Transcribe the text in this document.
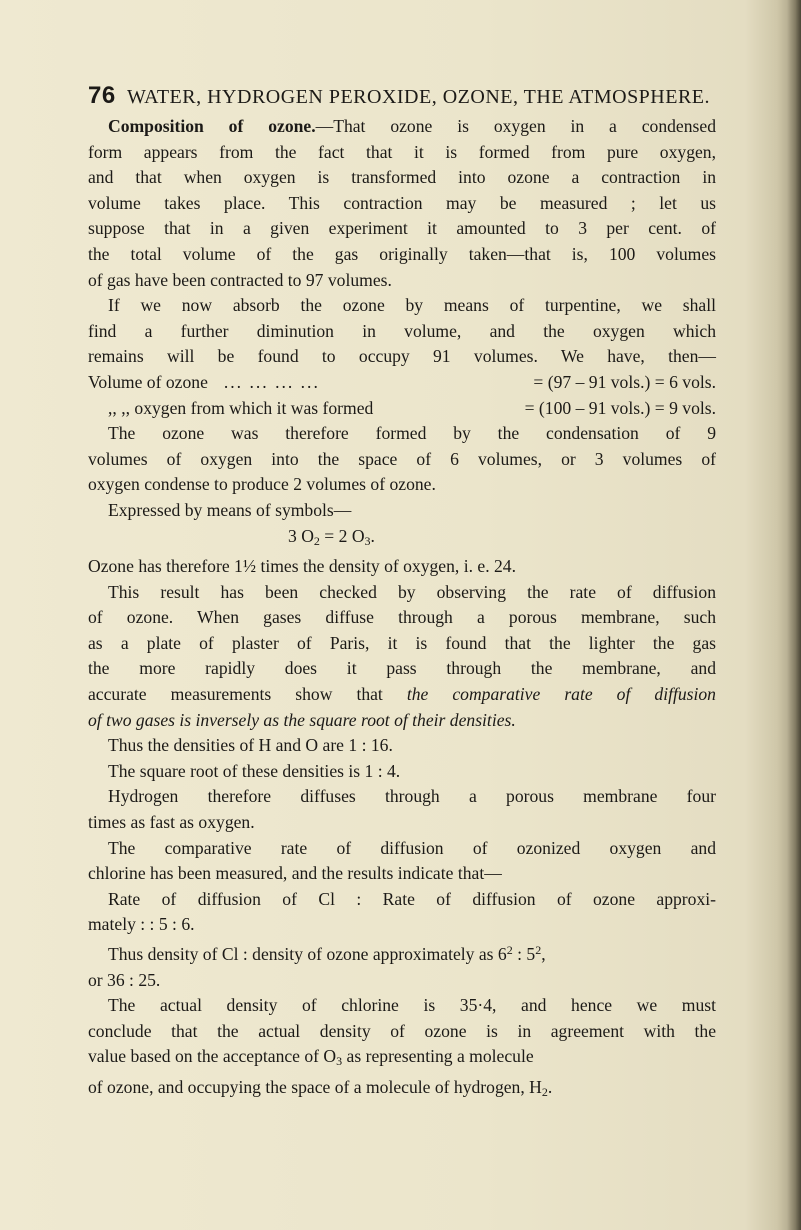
76 WATER, HYDROGEN PEROXIDE, OZONE, THE ATMOSPHERE.
Composition of ozone.—That ozone is oxygen in a condensed
form appears from the fact that it is formed from pure oxygen,
and that when oxygen is transformed into ozone a contraction in
volume takes place. This contraction may be measured ; let us
suppose that in a given experiment it amounted to 3 per cent. of
the total volume of the gas originally taken—that is, 100 volumes
of gas have been contracted to 97 volumes.
If we now absorb the ozone by means of turpentine, we shall
find a further diminution in volume, and the oxygen which
remains will be found to occupy 91 volumes. We have, then—
Volume of ozone ... ... ... ...	= (97 – 91 vols.) = 6 vols.
,, ,, oxygen from which it was formed	= (100 – 91 vols.) = 9 vols.
The ozone was therefore formed by the condensation of 9
volumes of oxygen into the space of 6 volumes, or 3 volumes of
oxygen condense to produce 2 volumes of ozone.
Expressed by means of symbols—
3 $O_2 = 2$ $O_3$.
Ozone has therefore 1½ times the density of oxygen, i. e. 24.
This result has been checked by observing the rate of diffusion
of ozone. When gases diffuse through a porous membrane, such
as a plate of plaster of Paris, it is found that the lighter the gas
the more rapidly does it pass through the membrane, and
accurate measurements show that the comparative rate of diffusion
of two gases is inversely as the square root of their densities.
Thus the densities of H and O are 1 : 16.
The square root of these densities is 1 : 4.
Hydrogen therefore diffuses through a porous membrane four
times as fast as oxygen.
The comparative rate of diffusion of ozonized oxygen and
chlorine has been measured, and the results indicate that—
Rate of diffusion of Cl : Rate of diffusion of ozone approxi-
mately : : 5 : 6.
Thus density of Cl : density of ozone approximately as $6^2$ : $5^2$,
or 36 : 25.
The actual density of chlorine is 35·4, and hence we must
conclude that the actual density of ozone is in agreement with the
value based on the acceptance of $O_3$ as representing a molecule
of ozone, and occupying the space of a molecule of hydrogen, $H_2$.
